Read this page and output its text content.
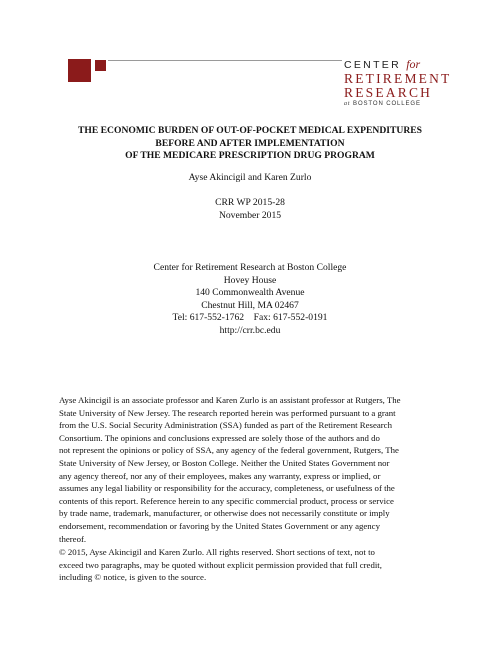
CENTER for
RETIREMENT
RESEARCH
at BOSTON COLLEGE
THE ECONOMIC BURDEN OF OUT-OF-POCKET MEDICAL EXPENDITURES
BEFORE AND AFTER IMPLEMENTATION
OF THE MEDICARE PRESCRIPTION DRUG PROGRAM
Ayse Akincigil and Karen Zurlo
CRR WP 2015-28
November 2015
Center for Retirement Research at Boston College
Hovey House
140 Commonwealth Avenue
Chestnut Hill, MA 02467
Tel: 617-552-1762    Fax: 617-552-0191
http://crr.bc.edu
Ayse Akincigil is an associate professor and Karen Zurlo is an assistant professor at Rutgers, The
State University of New Jersey. The research reported herein was performed pursuant to a grant
from the U.S. Social Security Administration (SSA) funded as part of the Retirement Research
Consortium. The opinions and conclusions expressed are solely those of the authors and do
not represent the opinions or policy of SSA, any agency of the federal government, Rutgers, The
State University of New Jersey, or Boston College. Neither the United States Government nor
any agency thereof, nor any of their employees, makes any warranty, express or implied, or
assumes any legal liability or responsibility for the accuracy, completeness, or usefulness of the
contents of this report. Reference herein to any specific commercial product, process or service
by trade name, trademark, manufacturer, or otherwise does not necessarily constitute or imply
endorsement, recommendation or favoring by the United States Government or any agency
thereof.
© 2015, Ayse Akincigil and Karen Zurlo. All rights reserved. Short sections of text, not to
exceed two paragraphs, may be quoted without explicit permission provided that full credit,
including © notice, is given to the source.
